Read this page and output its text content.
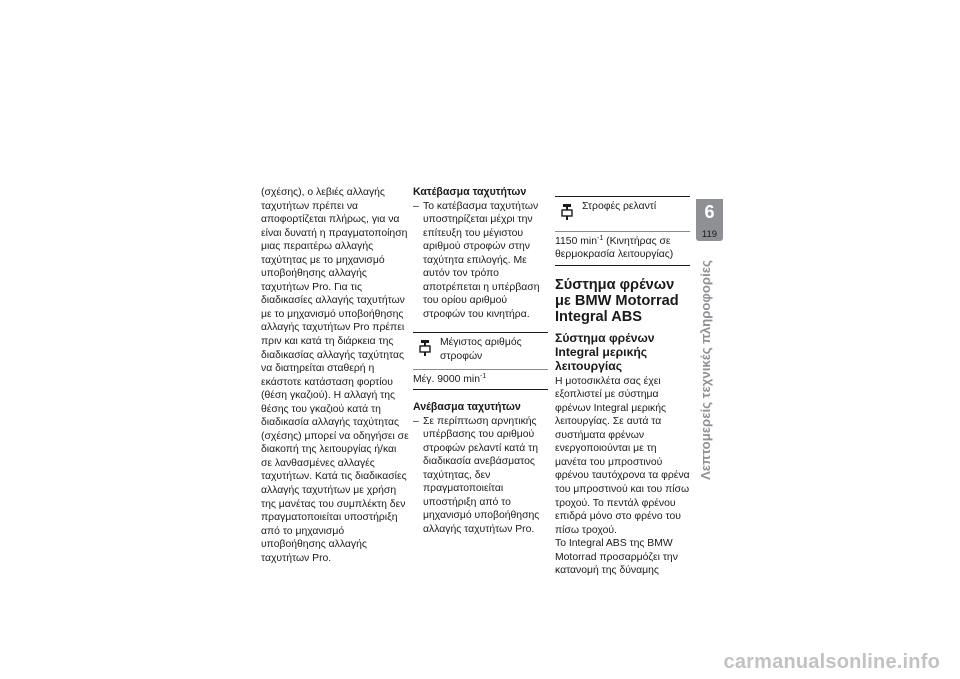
(σχέσης), ο λεβιές αλλαγής ταχυτήτων πρέπει να αποφορτίζεται πλήρως, για να είναι δυνατή η πραγματοποίηση μιας περαιτέρω αλλαγής ταχύτητας με το μηχανισμό υποβοήθησης αλλαγής ταχυτήτων Pro. Για τις διαδικασίες αλλαγής ταχυτήτων με το μηχανισμό υποβοήθησης αλλαγής ταχυτήτων Pro πρέπει πριν και κατά τη διάρκεια της διαδικασίας αλλαγής ταχύτητας να διατηρείται σταθερή η εκάστοτε κατάσταση φορτίου (θέση γκαζιού). Η αλλαγή της θέσης του γκαζιού κατά τη διαδικασία αλλαγής ταχύτητας (σχέσης) μπορεί να οδηγήσει σε διακοπή της λειτουργίας ή/και σε λανθασμένες αλλαγές ταχυτήτων. Κατά τις διαδικασίες αλλαγής ταχυτήτων με χρήση της μανέτας του συμπλέκτη δεν πραγματοποιείται υποστήριξη από το μηχανισμό υποβοήθησης αλλαγής ταχυτήτων Pro.

Κατέβασμα ταχυτήτων

– Το κατέβασμα ταχυτήτων υποστηρίζεται μέχρι την επίτευξη του μέγιστου αριθμού στροφών στην ταχύτητα επιλογής. Με αυτόν τον τρόπο αποτρέπεται η υπέρβαση του ορίου αριθμού στροφών του κινητήρα.
Μέγιστος αριθμός στροφών
Μέγ. 9000 $\min^{-1}$

Ανέβασμα ταχυτήτων

– Σε περίπτωση αρνητικής υπέρβασης του αριθμού στροφών ρελαντί κατά τη διαδικασία ανεβάσματος ταχύτητας, δεν πραγματοποιείται υποστήριξη από το μηχανισμό υποβοήθησης αλλαγής ταχυτήτων Pro.
Στροφές ρελαντί
1150 $\min^{-1} (K\iota\nu\eta\tau ή\rho\alpha\varsigma$ σε θερμοκρασία λειτουργίας)
Σύστημα φρένων με BMW Motorrad Integral ABS
Σύστημα φρένων Integral μερικής λειτουργίας

Η μοτοσικλέτα σας έχει εξοπλιστεί με σύστημα φρένων Integral μερικής λειτουργίας. Σε αυτά τα συστήματα φρένων ενεργοποιούνται με τη μανέτα του μπροστινού φρένου ταυτόχρονα τα φρένα του μπροστινού και του πίσω τροχού. Το πεντάλ φρένου επιδρά μόνο στο φρένο του πίσω τροχού.

Το Integral ABS της BMW Motorrad προσαρμόζει την κατανομή της δύναμης

6
119
Λεπτομερείς τεχνικές πληροφορίες
carmanualsonline.info
